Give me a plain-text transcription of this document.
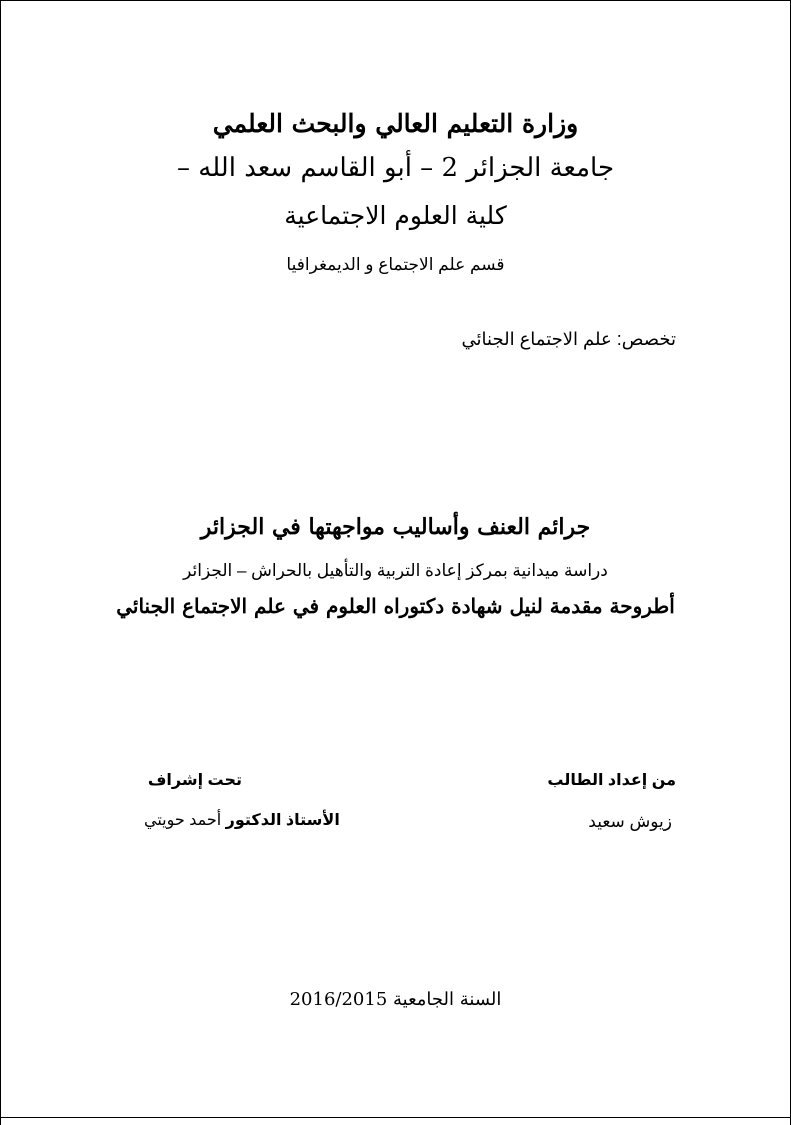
وزارة التعليم العالي والبحث العلمي
جامعة الجزائر 2 – أبو القاسم سعد الله –
كلية العلوم الاجتماعية
قسم علم الاجتماع و الديمغرافيا
تخصص: علم الاجتماع الجنائي
جرائم العنف وأساليب مواجهتها في الجزائر
دراسة ميدانية بمركز إعادة التربية والتأهيل بالحراش – الجزائر
أطروحة مقدمة لنيل شهادة دكتوراه العلوم في علم الاجتماع الجنائي
من إعداد الطالب
زيوش سعيد
تحت إشراف
الأستاذ الدكتور أحمد حويتي
السنة الجامعية 2016/2015
